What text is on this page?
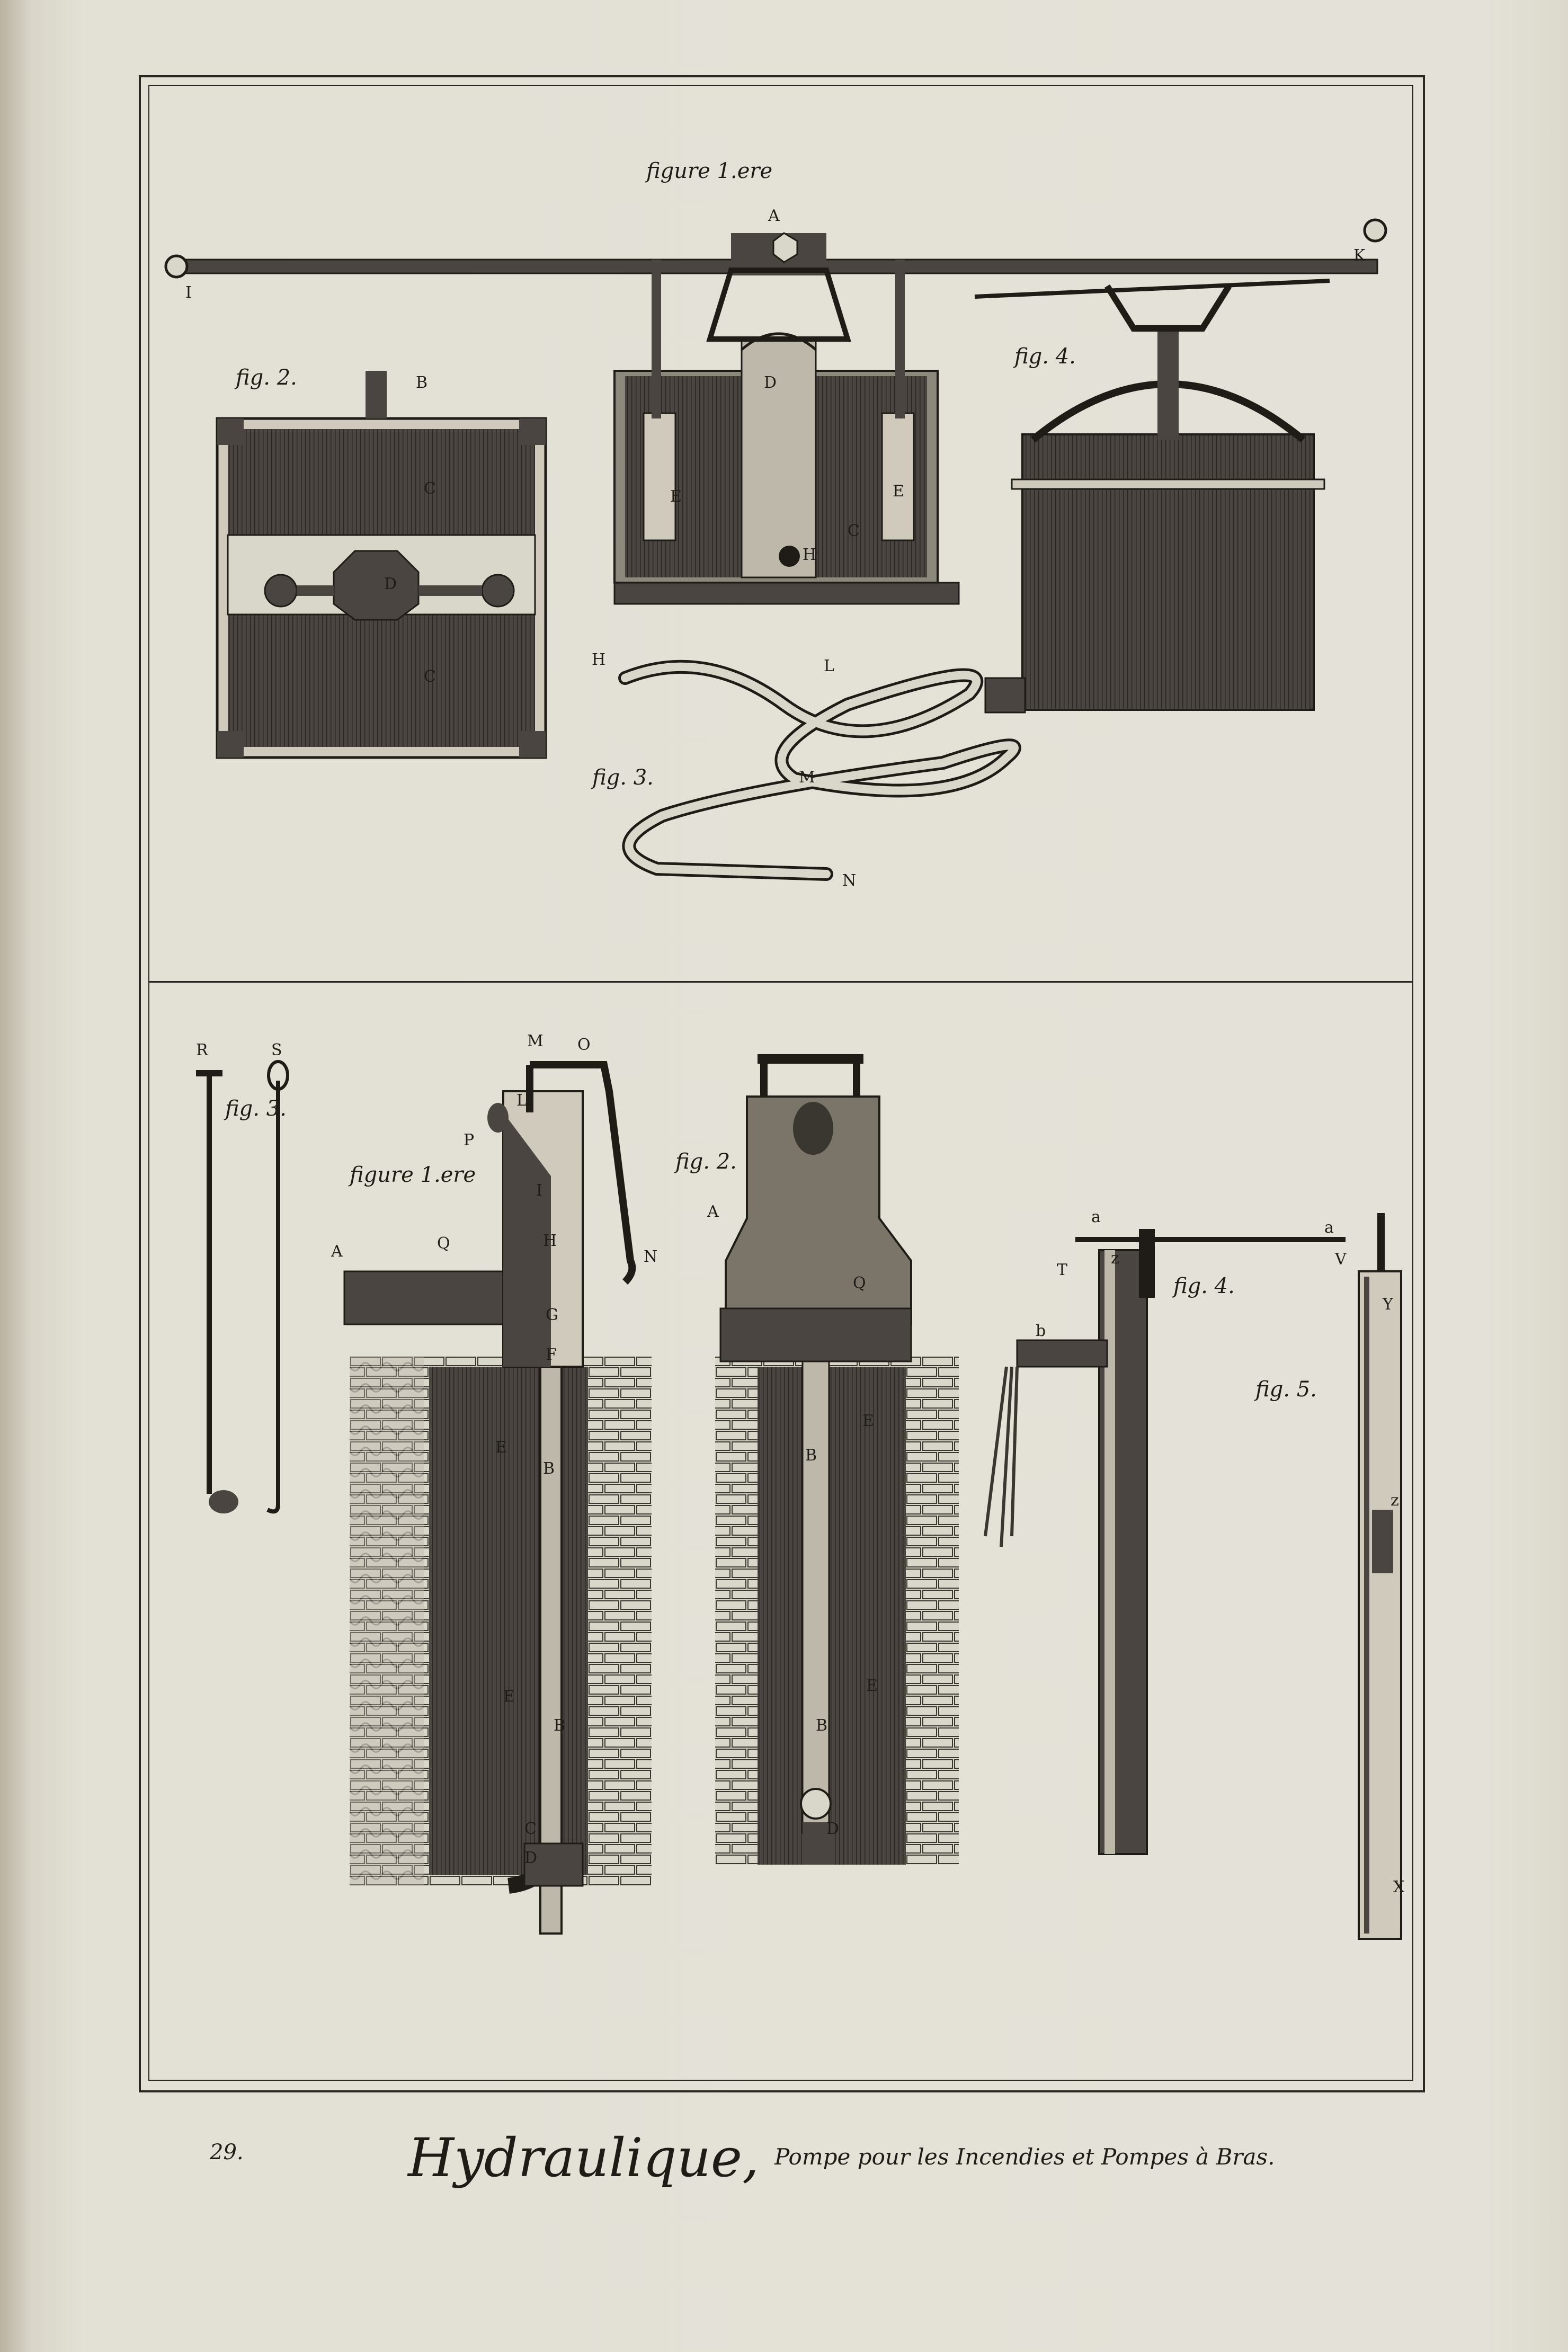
figure 1.ere
fig. 2.
fig. 3.
fig. 4.
A
I
K
B
C
C
D
D
E	E
C
H
H	L
M
N
figure 1.ere
fig. 2.
fig. 3.
fig. 4.
fig. 5.
R	S	M O
L
P
A	Q
N
I
H
G
F
E
B
E
B
C
D
A
Q
B
E
B
E
D
a
a
T
z
b
V
Y
z
X
29.	Hydraulique, Pompe pour les Incendies et Pompes à Bras.
